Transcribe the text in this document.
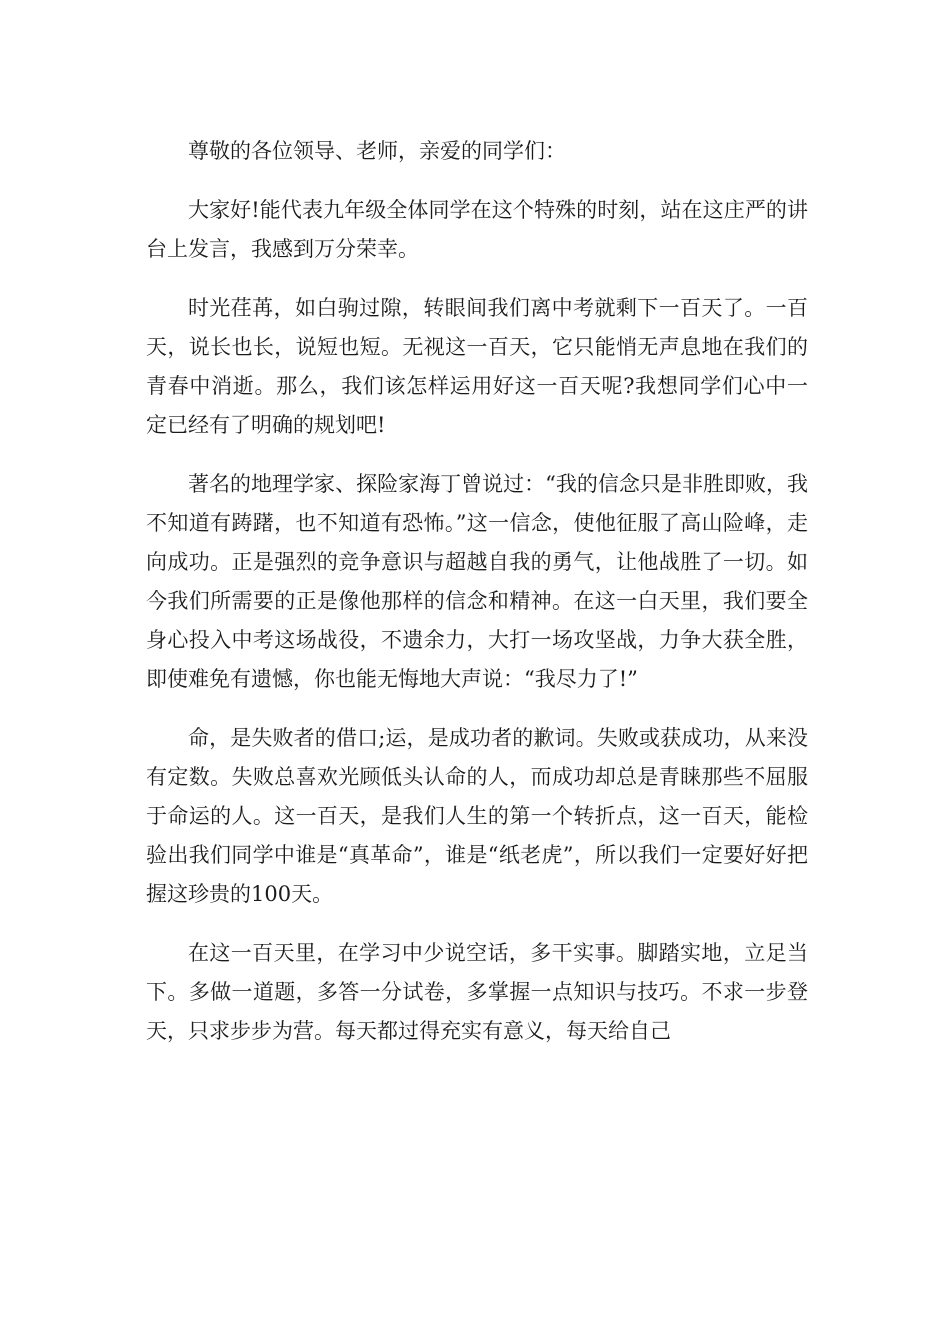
尊敬的各位领导、老师，亲爱的同学们：

大家好!能代表九年级全体同学在这个特殊的时刻，站在这庄严的讲台上发言，我感到万分荣幸。

时光荏苒，如白驹过隙，转眼间我们离中考就剩下一百天了。一百天，说长也长，说短也短。无视这一百天，它只能悄无声息地在我们的青春中消逝。那么，我们该怎样运用好这一百天呢?我想同学们心中一定已经有了明确的规划吧!

著名的地理学家、探险家海丁曾说过：“我的信念只是非胜即败，我不知道有踌躇，也不知道有恐怖。”这一信念，使他征服了高山险峰，走向成功。正是强烈的竞争意识与超越自我的勇气，让他战胜了一切。如今我们所需要的正是像他那样的信念和精神。在这一白天里，我们要全身心投入中考这场战役，不遗余力，大打一场攻坚战，力争大获全胜，即使难免有遗憾，你也能无悔地大声说：“我尽力了!”

命，是失败者的借口;运，是成功者的歉词。失败或获成功，从来没有定数。失败总喜欢光顾低头认命的人，而成功却总是青睐那些不屈服于命运的人。这一百天，是我们人生的第一个转折点，这一百天，能检验出我们同学中谁是“真革命”，谁是“纸老虎”，所以我们一定要好好把握这珍贵的100天。

在这一百天里，在学习中少说空话，多干实事。脚踏实地，立足当下。多做一道题，多答一分试卷，多掌握一点知识与技巧。不求一步登天，只求步步为营。每天都过得充实有意义，每天给自己
